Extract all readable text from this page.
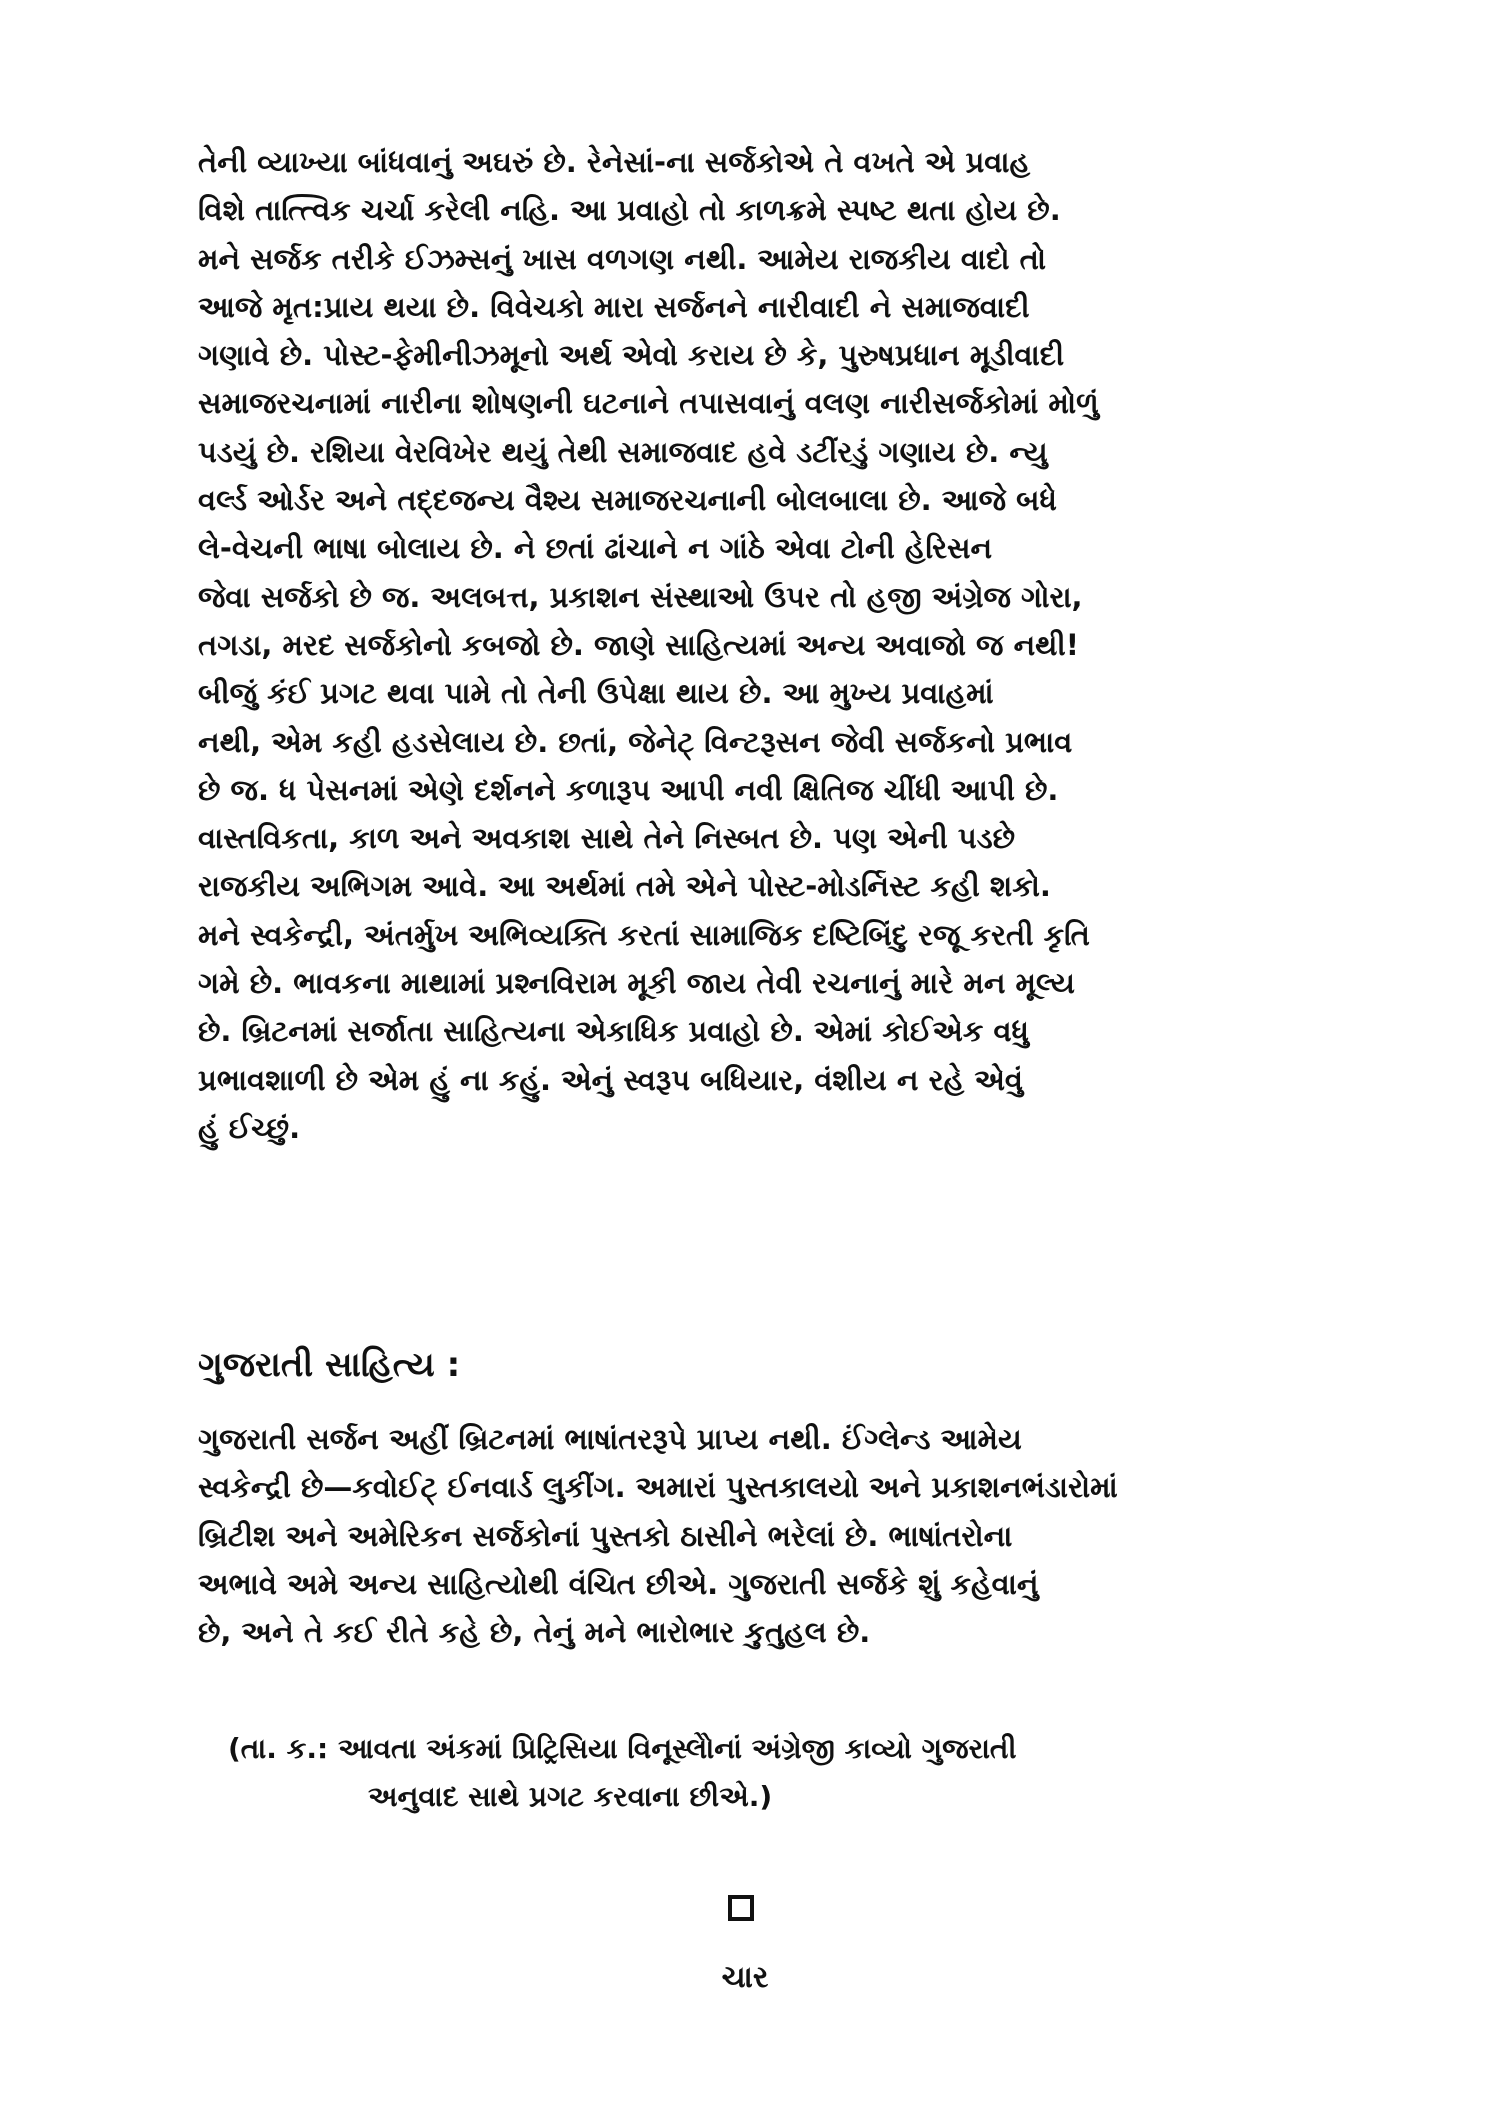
તેની વ્યાખ્યા બાંધવાનું અઘરું છે. રેનેસાં-ના સર્જકોએ તે વખતે એ પ્રવાહ
વિશે તાત્ત્વિક ચર્ચા કરેલી નહિ. આ પ્રવાહો તો કાળક્રમે સ્પષ્ટ થતા હોય છે.
મને સર્જક તરીકે ઈઝમ્સનું ખાસ વળગણ નથી. આમેય રાજકીય વાદો તો
આજે મૃત:પ્રાય થયા છે. વિવેચકો મારા સર્જનને નારીવાદી ને સમાજવાદી
ગણાવે છે. પોસ્ટ-ફેમીનીઝમૂનો અર્થ એવો કરાય છે કે, પુરુષપ્રધાન મૂડીવાદી
સમાજરચનામાં નારીના શોષણની ઘટનાને તપાસવાનું વલણ નારીસર્જકોમાં મોળું
પડયું છે. રશિયા વેરવિખેર થયું તેથી સમાજવાદ હવે ડટીંરડું ગણાય છે. ન્યુ
વર્લ્ડ ઓર્ડર અને તદ્દજન્ય વૈશ્ય સમાજરચનાની બોલબાલા છે. આજે બધે
લે-વેચની ભાષા બોલાય છે. ને છતાં ઢાંચાને ન ગાંઠે એવા ટોની હેરિસન
જેવા સર્જકો છે જ. અલબત્ત, પ્રકાશન સંસ્થાઓ ઉપર તો હજી અંગ્રેજ ગોરા,
તગડા, મરદ સર્જકોનો કબજો છે. જાણે સાહિત્યમાં અન્ય અવાજો જ નથી!
બીજું કંઈ પ્રગટ થવા પામે તો તેની ઉપેક્ષા થાય છે. આ મુખ્ય પ્રવાહમાં
નથી, એમ કહી હડસેલાય છે. છતાં, જેનેટ્ વિન્ટરૂસન જેવી સર્જકનો પ્રભાવ
છે જ. ધ પેસનમાં એણે દર્શનને કળારૂપ આપી નવી ક્ષિતિજ ચીંધી આપી છે.
વાસ્તવિકતા, કાળ અને અવકાશ સાથે તેને નિસ્બત છે. પણ એની પડછે
રાજકીય અભિગમ આવે. આ અર્થમાં તમે એને પોસ્ટ-મોડર્નિસ્ટ કહી શકો.
મને સ્વકેન્દ્રી, અંતર્મુખ અભિવ્યક્તિ કરતાં સામાજિક દષ્ટિબિંદુ રજૂ કરતી કૃતિ
ગમે છે. ભાવકના માથામાં પ્રશ્નવિરામ મૂકી જાય તેવી રચનાનું મારે મન મૂલ્ય
છે. બ્રિટનમાં સર્જાતા સાહિત્યના એકાધિક પ્રવાહો છે. એમાં કોઈએક વધુ
પ્રભાવશાળી છે એમ હું ના કહું. એનું સ્વરૂપ બધિયાર, વંશીય ન રહે એવું
હું ઈચ્છું.

ગુજરાતી સાહિત્ય :

ગુજરાતી સર્જન અહીં બ્રિટનમાં ભાષાંતરરૂપે પ્રાપ્ય નથી. ઈંગ્લેન્ડ આમેય
સ્વકેન્દ્રી છે—કવોઈટ્ ઈનવાર્ડ લુકીંગ. અમારાં પુસ્તકાલયો અને પ્રકાશનભંડારોમાં
બ્રિટીશ અને અમેરિકન સર્જકોનાં પુસ્તકો ઠાસીને ભરેલાં છે. ભાષાંતરોના
અભાવે અમે અન્ય સાહિત્યોથી વંચિત છીએ. ગુજરાતી સર્જકે શું કહેવાનું
છે, અને તે કઈ રીતે કહે છે, તેનું મને ભારોભાર કુતુહલ છે.

(તા. ક.: આવતા અંકમાં પ્રિટ્રિસિયા વિનૂસ્લેોનાં અંગ્રેજી કાવ્યો ગુજરાતી

અનુવાદ સાથે પ્રગટ કરવાના છીએ.)

ચાર
